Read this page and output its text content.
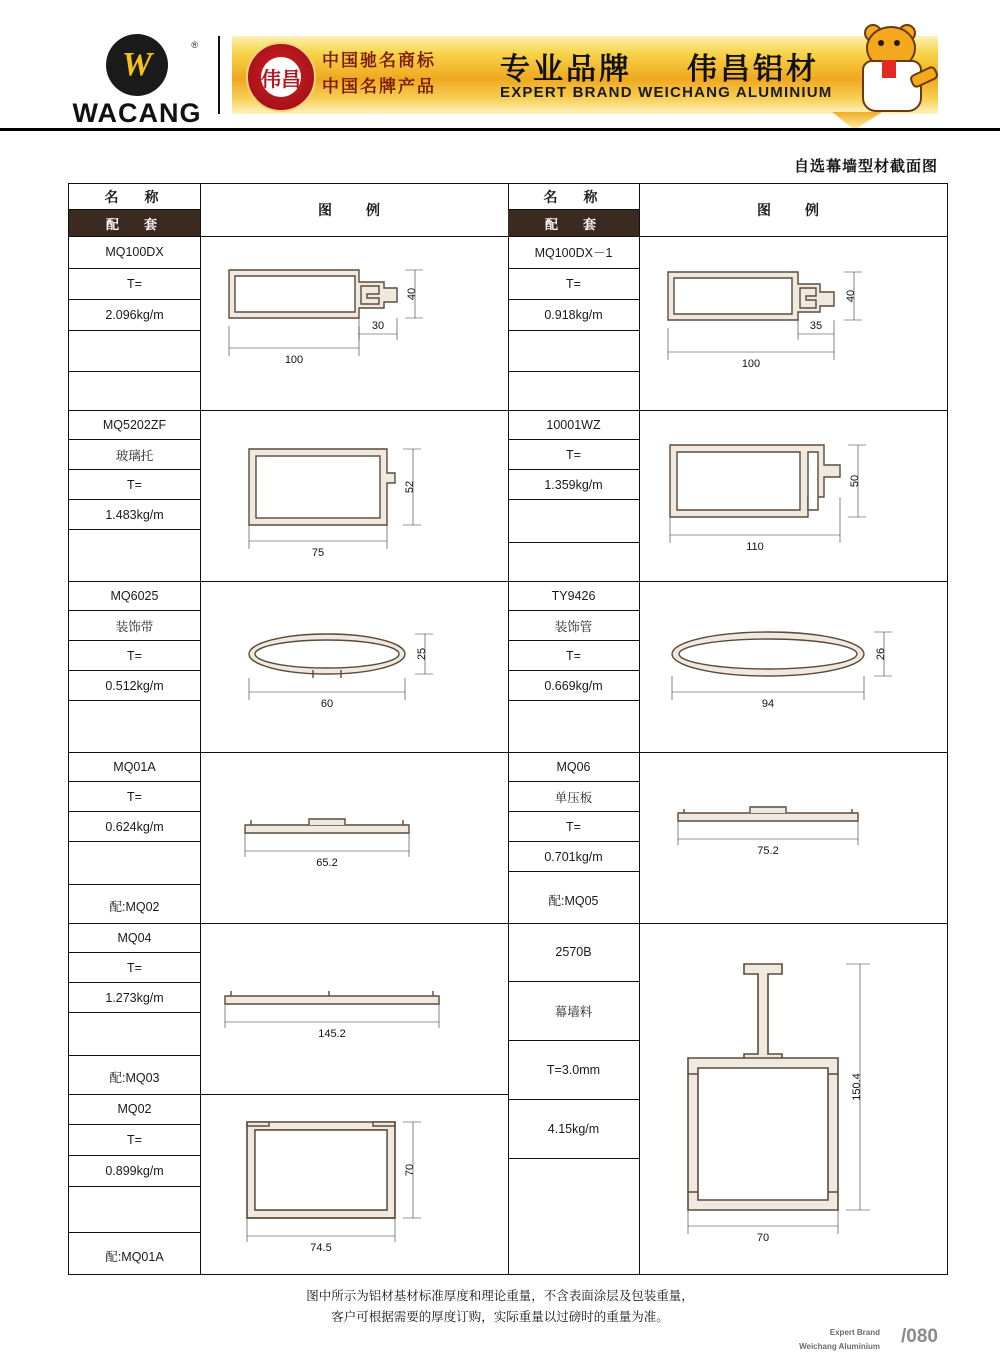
W
®
WACANG
伟昌
中国驰名商标
中国名牌产品	专业品牌 伟昌铝材
EXPERT BRAND WEICHANG ALUMINIUM
自选幕墙型材截面图
名　称
配　套
图　例
MQ100DX
T=
2.096kg/m
100
30
40
MQ5202ZF
玻璃托
T=
1.483kg/m
75
52
MQ6025
装饰带
T=
0.512kg/m
60
25
MQ01A
T=
0.624kg/m
配:MQ02
65.2
MQ04
T=
1.273kg/m
配:MQ03
145.2
MQ02
T=
0.899kg/m
配:MQ01A
74.5
70
名　称
配　套
图　例
MQ100DX－1
T=
0.918kg/m
100
35
40
10001WZ
T=
1.359kg/m
110
50
TY9426
装饰管
T=
0.669kg/m
94
26
MQ06
单压板
T=
0.701kg/m
配:MQ05
75.2
2570B
幕墙料
T=3.0mm
4.15kg/m
70
150.4
图中所示为铝材基材标准厚度和理论重量，不含表面涂层及包装重量，
客户可根据需要的厚度订购，实际重量以过磅时的重量为准。
Expert Brand
Weichang Aluminium /080
